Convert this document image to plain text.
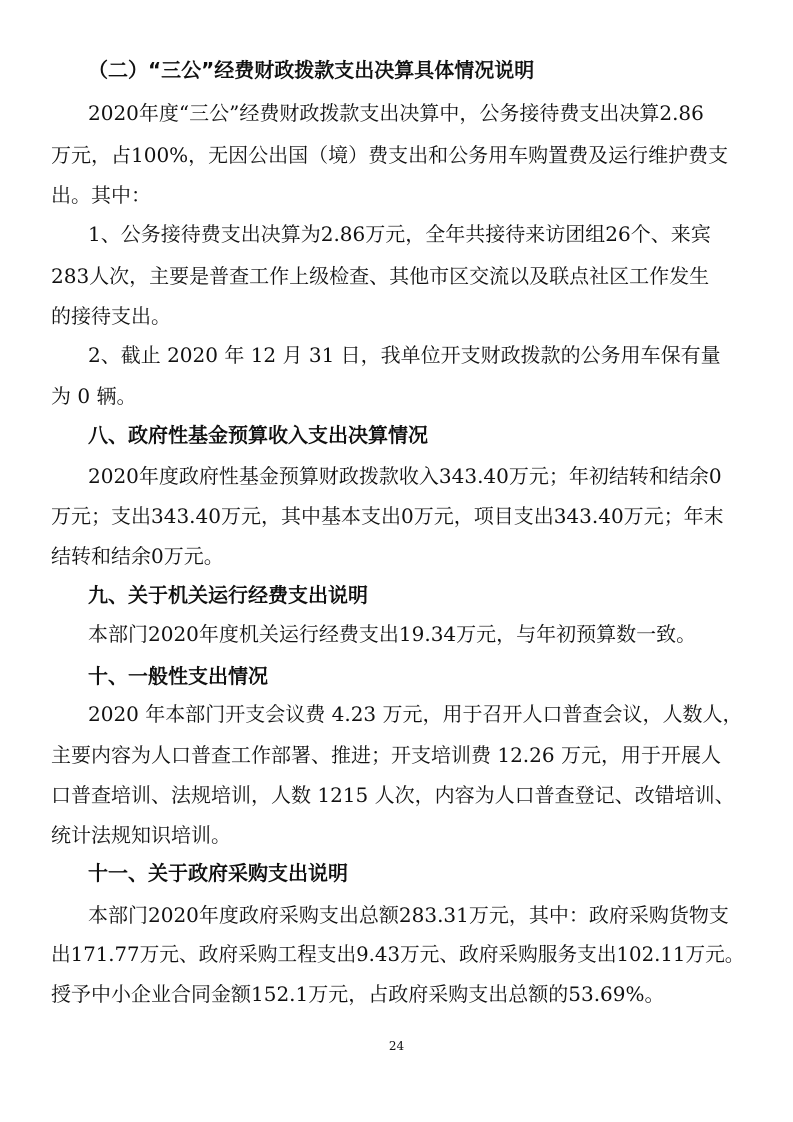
（二）“三公”经费财政拨款支出决算具体情况说明
2020年度“三公”经费财政拨款支出决算中，公务接待费支出决算2.86
万元，占100%，无因公出国（境）费支出和公务用车购置费及运行维护费支
出。其中：
1、公务接待费支出决算为2.86万元，全年共接待来访团组26个、来宾
283人次，主要是普查工作上级检查、其他市区交流以及联点社区工作发生
的接待支出。
2、截止 2020 年 12 月 31 日，我单位开支财政拨款的公务用车保有量
为 0 辆。
八、政府性基金预算收入支出决算情况
2020年度政府性基金预算财政拨款收入343.40万元；年初结转和结余0
万元；支出343.40万元，其中基本支出0万元，项目支出343.40万元；年末
结转和结余0万元。
九、关于机关运行经费支出说明
本部门2020年度机关运行经费支出19.34万元，与年初预算数一致。
十、一般性支出情况
2020 年本部门开支会议费 4.23 万元，用于召开人口普查会议，人数人，
主要内容为人口普查工作部署、推进；开支培训费 12.26 万元，用于开展人
口普查培训、法规培训，人数 1215 人次，内容为人口普查登记、改错培训、
统计法规知识培训。
十一、关于政府采购支出说明
本部门2020年度政府采购支出总额283.31万元，其中：政府采购货物支
出171.77万元、政府采购工程支出9.43万元、政府采购服务支出102.11万元。
授予中小企业合同金额152.1万元，占政府采购支出总额的53.69%。
24
